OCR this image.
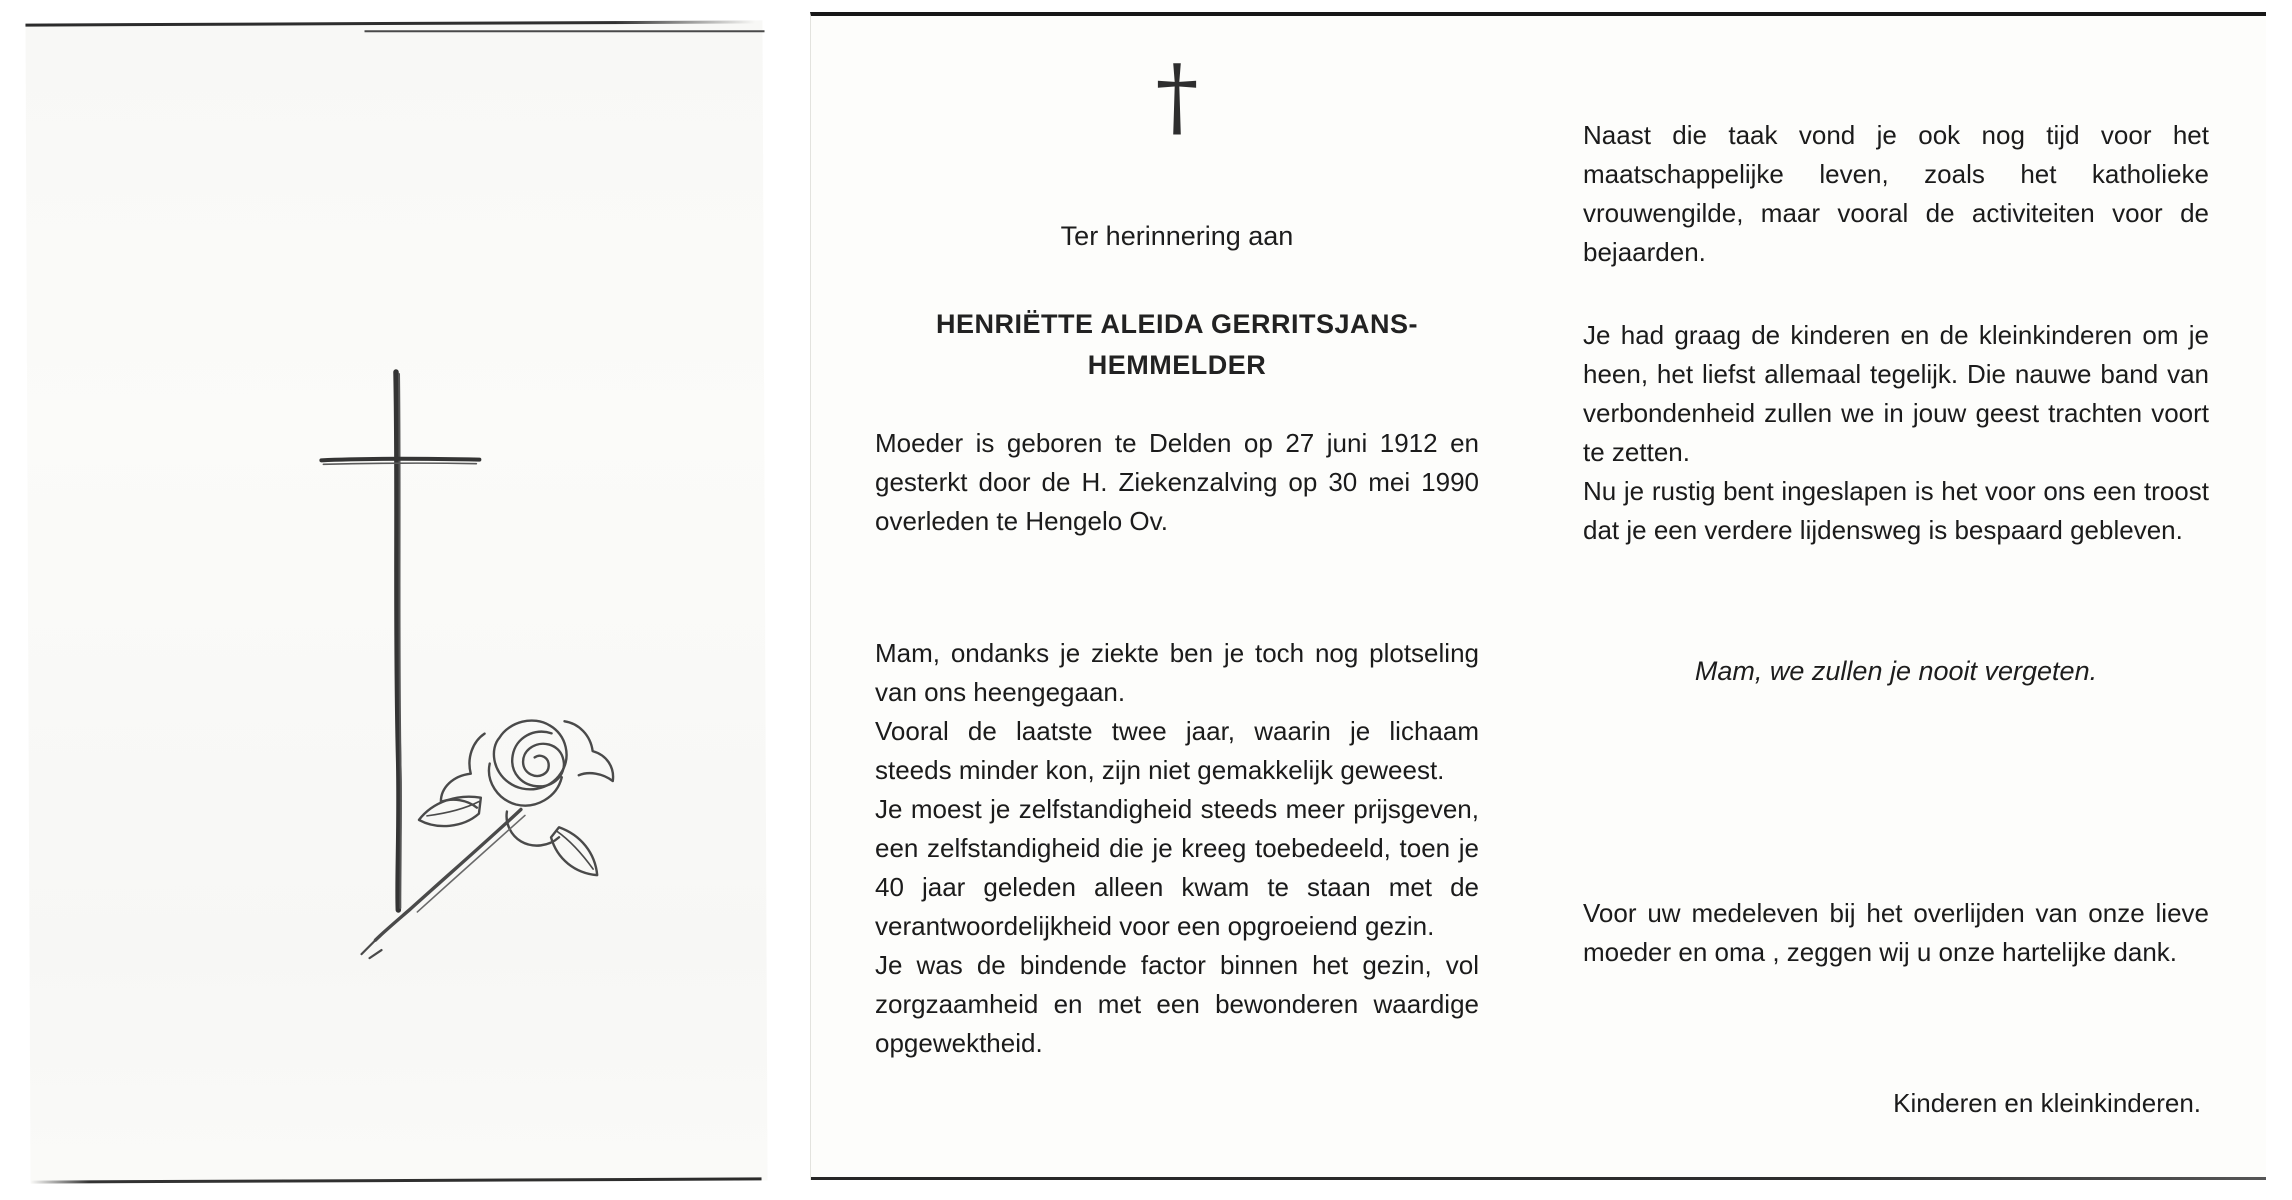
†
Ter herinnering aan
HENRIËTTE ALEIDA GERRITSJANS-
HEMMELDER

Moeder is geboren te Delden op 27 juni 1912 en gesterkt door de H. Ziekenzalving op 30 mei 1990 overleden te Hengelo Ov.

Mam, ondanks je ziekte ben je toch nog plotseling van ons heengegaan.

Vooral de laatste twee jaar, waarin je lichaam steeds minder kon, zijn niet gemakkelijk geweest.

Je moest je zelfstandigheid steeds meer prijsgeven, een zelfstandigheid die je kreeg toebedeeld, toen je 40 jaar geleden alleen kwam te staan met de verantwoordelijkheid voor een opgroeiend gezin.

Je was de bindende factor binnen het gezin, vol zorgzaamheid en met een bewonderen waardige opgewektheid.

Naast die taak vond je ook nog tijd voor het maatschappelijke leven, zoals het katholieke vrouwengilde, maar vooral de activiteiten voor de bejaarden.

Je had graag de kinderen en de kleinkinderen om je heen, het liefst allemaal tegelijk. Die nauwe band van verbondenheid zullen we in jouw geest trachten voort te zetten.

Nu je rustig bent ingeslapen is het voor ons een troost dat je een verdere lijdensweg is bespaard gebleven.

Mam, we zullen je nooit vergeten.

Voor uw medeleven bij het overlijden van onze lieve moeder en oma , zeggen wij u onze hartelijke dank.

Kinderen en kleinkinderen.
